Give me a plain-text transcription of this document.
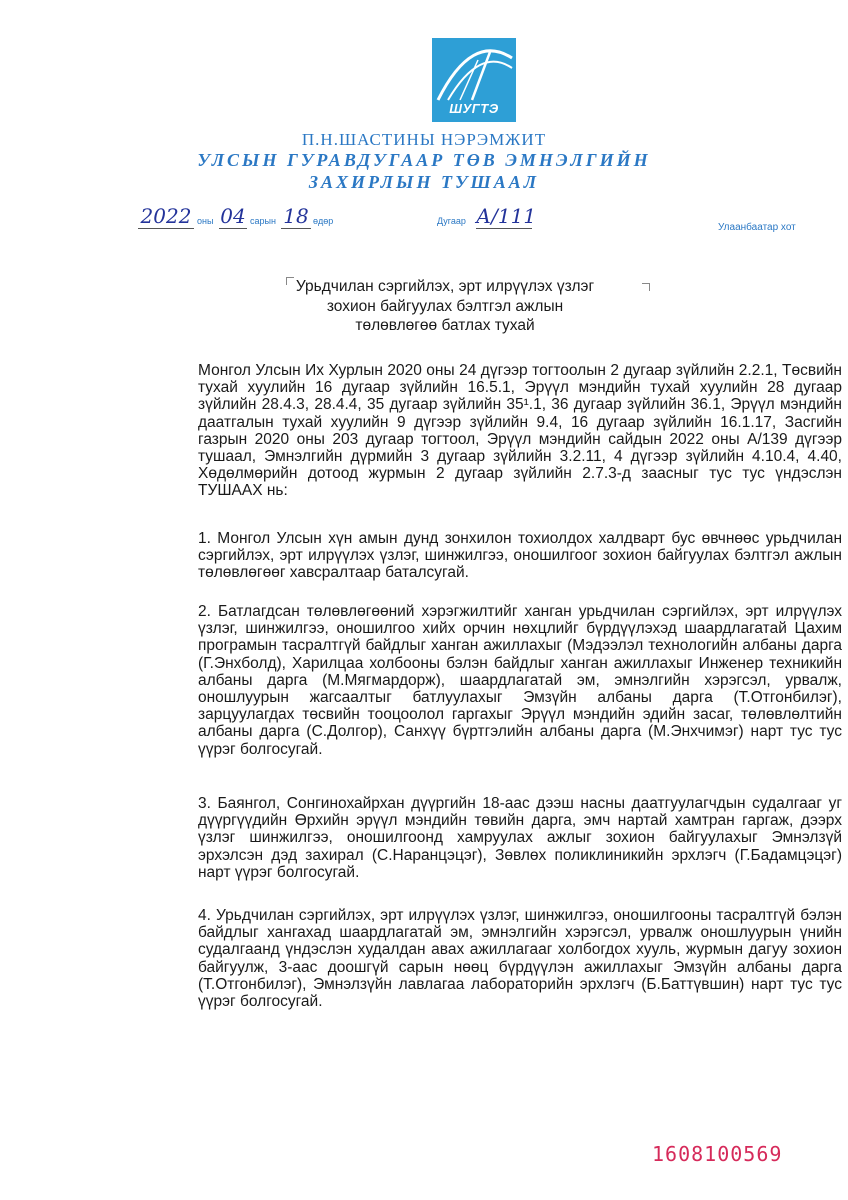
ШУГТЭ
П.Н.ШАСТИНЫ НЭРЭМЖИТ
УЛСЫН ГУРАВДУГААР ТӨВ ЭМНЭЛГИЙН
ЗАХИРЛЫН ТУШААЛ
2022 оны 04 сарын 18 өдөр	Дугаар А/111	Улаанбаатар хот
Урьдчилан сэргийлэх, эрт илрүүлэх үзлэг
зохион байгуулах бэлтгэл ажлын
төлөвлөгөө батлах тухай

Монгол Улсын Их Хурлын 2020 оны 24 дүгээр тогтоолын 2 дугаар зүйлийн 2.2.1, Төсвийн тухай хуулийн 16 дугаар зүйлийн 16.5.1, Эрүүл мэндийн тухай хуулийн 28 дугаар зүйлийн 28.4.3, 28.4.4, 35 дугаар зүйлийн 35¹.1, 36 дугаар зүйлийн 36.1, Эрүүл мэндийн даатгалын тухай хуулийн 9 дүгээр зүйлийн 9.4, 16 дугаар зүйлийн 16.1.17, Засгийн газрын 2020 оны 203 дугаар тогтоол, Эрүүл мэндийн сайдын 2022 оны А/139 дүгээр тушаал, Эмнэлгийн дүрмийн 3 дугаар зүйлийн 3.2.11, 4 дүгээр зүйлийн 4.10.4, 4.40, Хөдөлмөрийн дотоод журмын 2 дугаар зүйлийн 2.7.3-д заасныг тус тус үндэслэн ТУШААХ нь:

1. Монгол Улсын хүн амын дунд зонхилон тохиолдох халдварт бус өвчнөөс урьдчилан сэргийлэх, эрт илрүүлэх үзлэг, шинжилгээ, оношилгоог зохион байгуулах бэлтгэл ажлын төлөвлөгөөг хавсралтаар баталсугай.

2. Батлагдсан төлөвлөгөөний хэрэгжилтийг ханган урьдчилан сэргийлэх, эрт илрүүлэх үзлэг, шинжилгээ, оношилгоо хийх орчин нөхцлийг бүрдүүлэхэд шаардлагатай Цахим програмын тасралтгүй байдлыг ханган ажиллахыг (Мэдээлэл технологийн албаны дарга (Г.Энхболд), Харилцаа холбооны бэлэн байдлыг ханган ажиллахыг Инженер техникийн албаны дарга (М.Мягмардорж), шаардлагатай эм, эмнэлгийн хэрэгсэл, урвалж, оношлуурын жагсаалтыг батлуулахыг Эмзүйн албаны дарга (Т.Отгонбилэг), зарцуулагдах төсвийн тооцоолол гаргахыг Эрүүл мэндийн эдийн засаг, төлөвлөлтийн албаны дарга (С.Долгор), Санхүү бүртгэлийн албаны дарга (М.Энхчимэг) нарт тус тус үүрэг болгосугай.

3. Баянгол, Сонгинохайрхан дүүргийн 18-аас дээш насны даатгуулагчдын судалгааг уг дүүргүүдийн Өрхийн эрүүл мэндийн төвийн дарга, эмч нартай хамтран гаргаж, дээрх үзлэг шинжилгээ, оношилгоонд хамруулах ажлыг зохион байгуулахыг Эмнэлзүй эрхэлсэн дэд захирал (С.Наранцэцэг), Зөвлөх поликлиникийн эрхлэгч (Г.Бадамцэцэг) нарт үүрэг болгосугай.

4. Урьдчилан сэргийлэх, эрт илрүүлэх үзлэг, шинжилгээ, оношилгооны тасралтгүй бэлэн байдлыг хангахад шаардлагатай эм, эмнэлгийн хэрэгсэл, урвалж оношлуурын үнийн судалгаанд үндэслэн худалдан авах ажиллагааг холбогдох хууль, журмын дагуу зохион байгуулж, 3-аас доошгүй сарын нөөц бүрдүүлэн ажиллахыг Эмзүйн албаны дарга (Т.Отгонбилэг), Эмнэлзүйн лавлагаа лабораторийн эрхлэгч (Б.Баттүвшин) нарт тус тус үүрэг болгосугай.

1608100569
